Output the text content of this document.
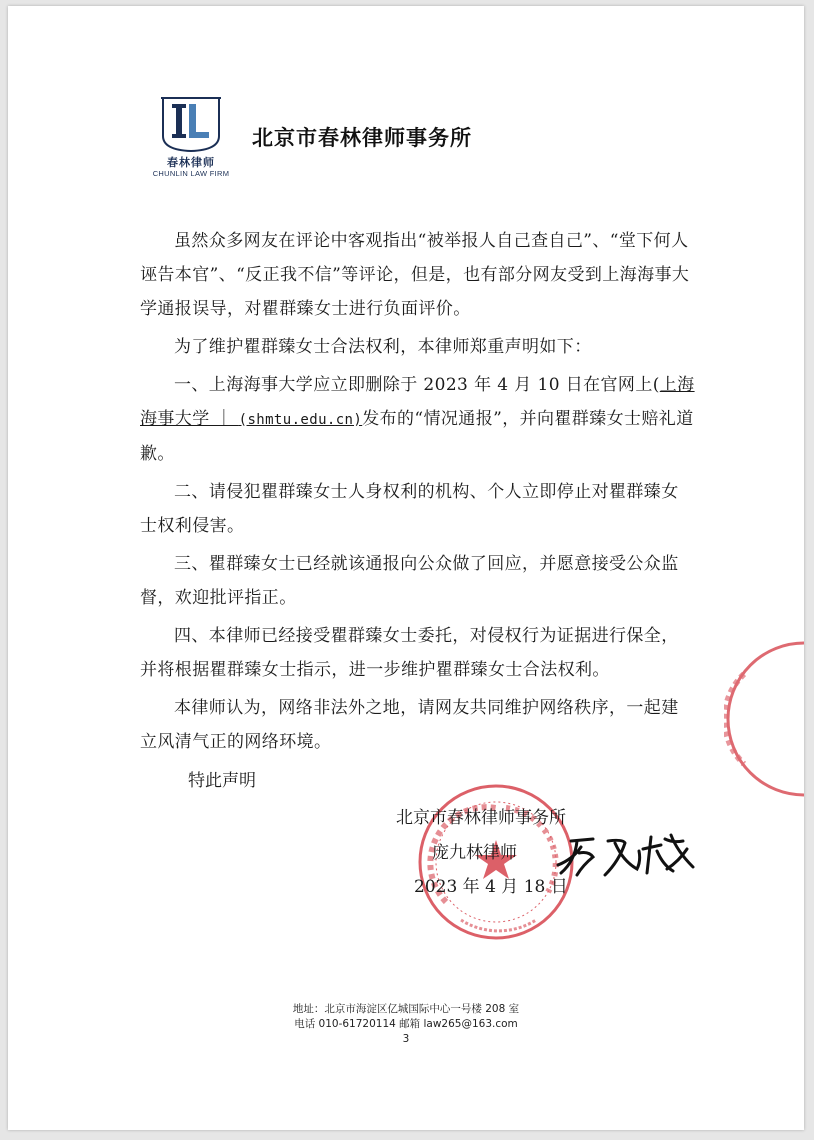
春林律师
CHUNLIN LAW FIRM
北京市春林律师事务所

虽然众多网友在评论中客观指出“被举报人自己查自己”、“堂下何人诬告本官”、“反正我不信”等评论，但是，也有部分网友受到上海海事大学通报误导，对瞿群臻女士进行负面评价。

为了维护瞿群臻女士合法权利，本律师郑重声明如下：

一、上海海事大学应立即删除于 2023 年 4 月 10 日在官网上(上海海事大学 ｜ (shmtu.edu.cn)发布的“情况通报”，并向瞿群臻女士赔礼道歉。

二、请侵犯瞿群臻女士人身权利的机构、个人立即停止对瞿群臻女士权利侵害。

三、瞿群臻女士已经就该通报向公众做了回应，并愿意接受公众监督，欢迎批评指正。

四、本律师已经接受瞿群臻女士委托，对侵权行为证据进行保全，并将根据瞿群臻女士指示，进一步维护瞿群臻女士合法权利。

本律师认为，网络非法外之地，请网友共同维护网络秩序，一起建立风清气正的网络环境。

特此声明
北京市春林律师事务所
庞九林律师
2023 年 4 月 18 日
地址：北京市海淀区亿城国际中心一号楼 208 室
电话 010-61720114 邮箱 law265@163.com
3
